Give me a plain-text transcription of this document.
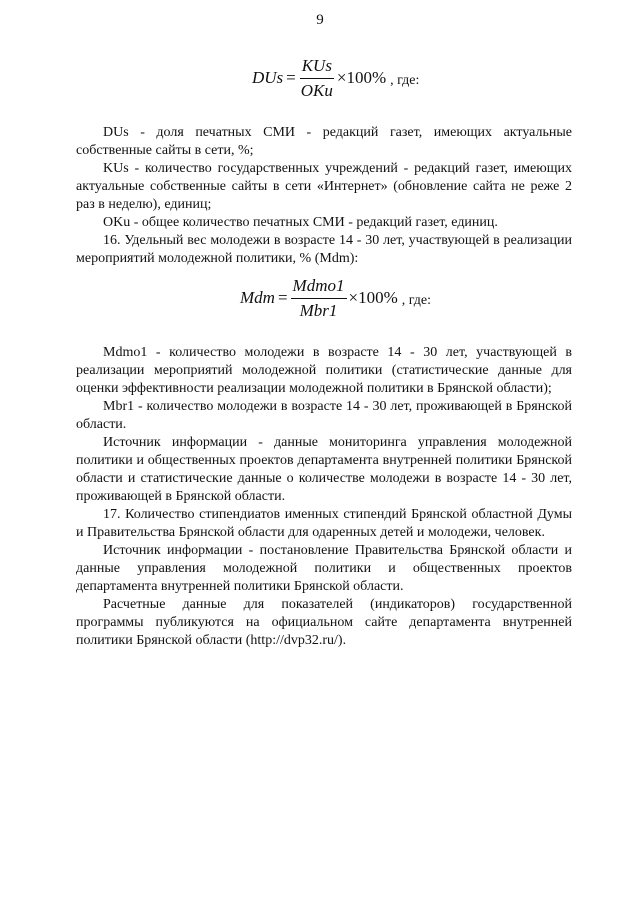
9
DUs = $\frac{\text{KUs}}{\text{OKu}} \times 100\%$ , где:

DUs - доля печатных СМИ - редакций газет, имеющих актуальные собственные сайты в сети, %;

KUs - количество государственных учреждений - редакций газет, имеющих актуальные собственные сайты в сети «Интернет» (обновление сайта не реже 2 раз в неделю), единиц;

OKu - общее количество печатных СМИ - редакций газет, единиц.

16. Удельный вес молодежи в возрасте 14 - 30 лет, участвующей в реализации мероприятий молодежной политики, % (Mdm):

Mdm = $\frac{\text{Mdmo1}}{\text{Mbr1}} \times 100\%$ , где:

Mdmo1 - количество молодежи в возрасте 14 - 30 лет, участвующей в реализации мероприятий молодежной политики (статистические данные для оценки эффективности реализации молодежной политики в Брянской области);

Mbr1 - количество молодежи в возрасте 14 - 30 лет, проживающей в Брянской области.

Источник информации - данные мониторинга управления молодежной политики и общественных проектов департамента внутренней политики Брянской области и статистические данные о количестве молодежи в возрасте 14 - 30 лет, проживающей в Брянской области.

17. Количество стипендиатов именных стипендий Брянской областной Думы и Правительства Брянской области для одаренных детей и молодежи, человек.

Источник информации - постановление Правительства Брянской области и данные управления молодежной политики и общественных проектов департамента внутренней политики Брянской области.

Расчетные данные для показателей (индикаторов) государственной программы публикуются на официальном сайте департамента внутренней политики Брянской области (http://dvp32.ru/).
